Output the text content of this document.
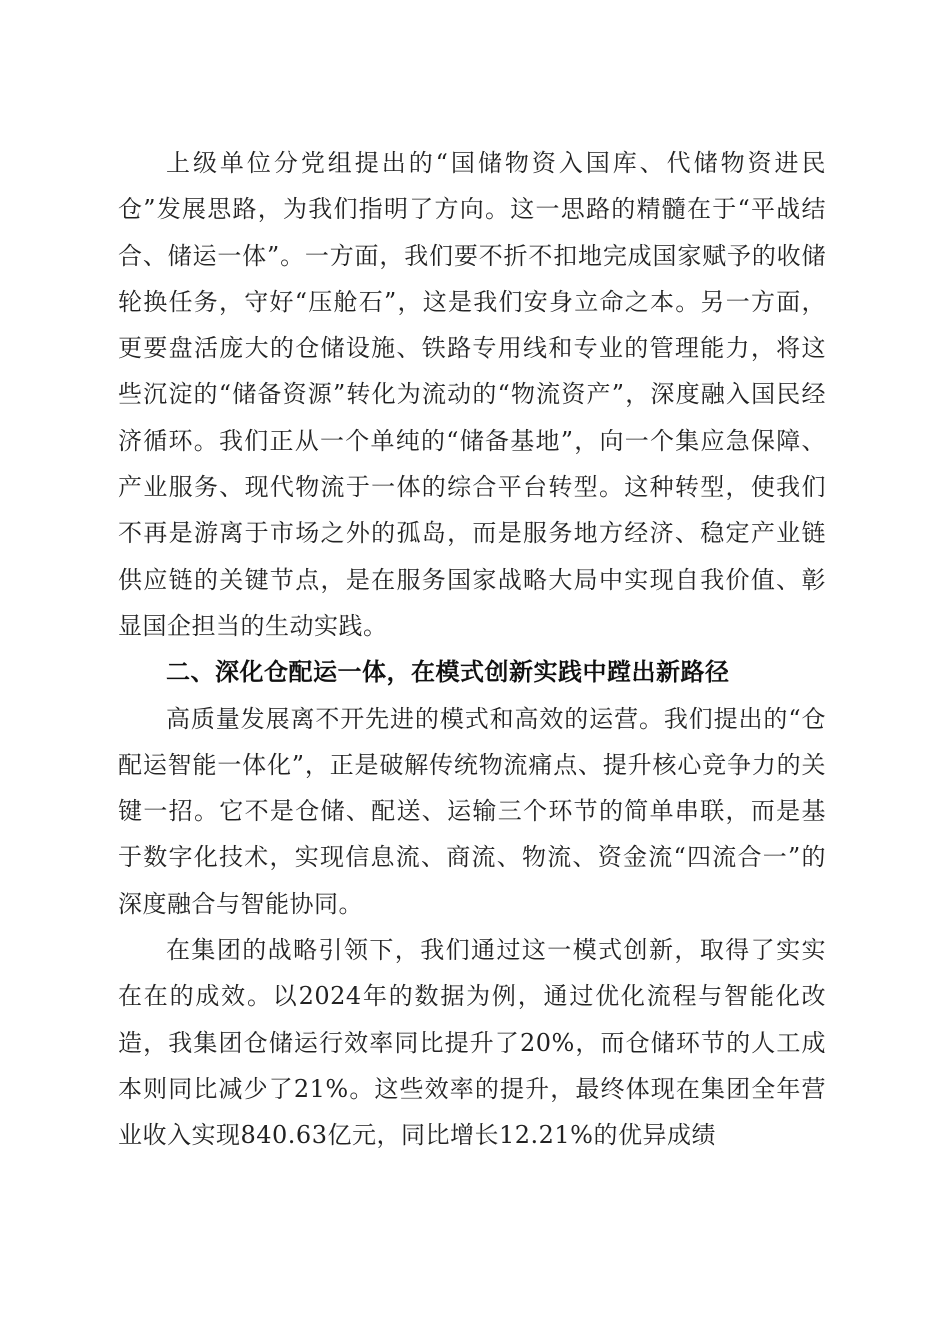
上级单位分党组提出的“国储物资入国库、代储物资进民仓”发展思路，为我们指明了方向。这一思路的精髓在于“平战结合、储运一体”。一方面，我们要不折不扣地完成国家赋予的收储轮换任务，守好“压舱石”，这是我们安身立命之本。另一方面，更要盘活庞大的仓储设施、铁路专用线和专业的管理能力，将这些沉淀的“储备资源”转化为流动的“物流资产”，深度融入国民经济循环。我们正从一个单纯的“储备基地”，向一个集应急保障、产业服务、现代物流于一体的综合平台转型。这种转型，使我们不再是游离于市场之外的孤岛，而是服务地方经济、稳定产业链供应链的关键节点，是在服务国家战略大局中实现自我价值、彰显国企担当的生动实践。

二、深化仓配运一体，在模式创新实践中蹚出新路径

高质量发展离不开先进的模式和高效的运营。我们提出的“仓配运智能一体化”，正是破解传统物流痛点、提升核心竞争力的关键一招。它不是仓储、配送、运输三个环节的简单串联，而是基于数字化技术，实现信息流、商流、物流、资金流“四流合一”的深度融合与智能协同。

在集团的战略引领下，我们通过这一模式创新，取得了实实在在的成效。以2024年的数据为例，通过优化流程与智能化改造，我集团仓储运行效率同比提升了20%，而仓储环节的人工成本则同比减少了21%。这些效率的提升，最终体现在集团全年营业收入实现840.63亿元，同比增长12.21%的优异成绩
